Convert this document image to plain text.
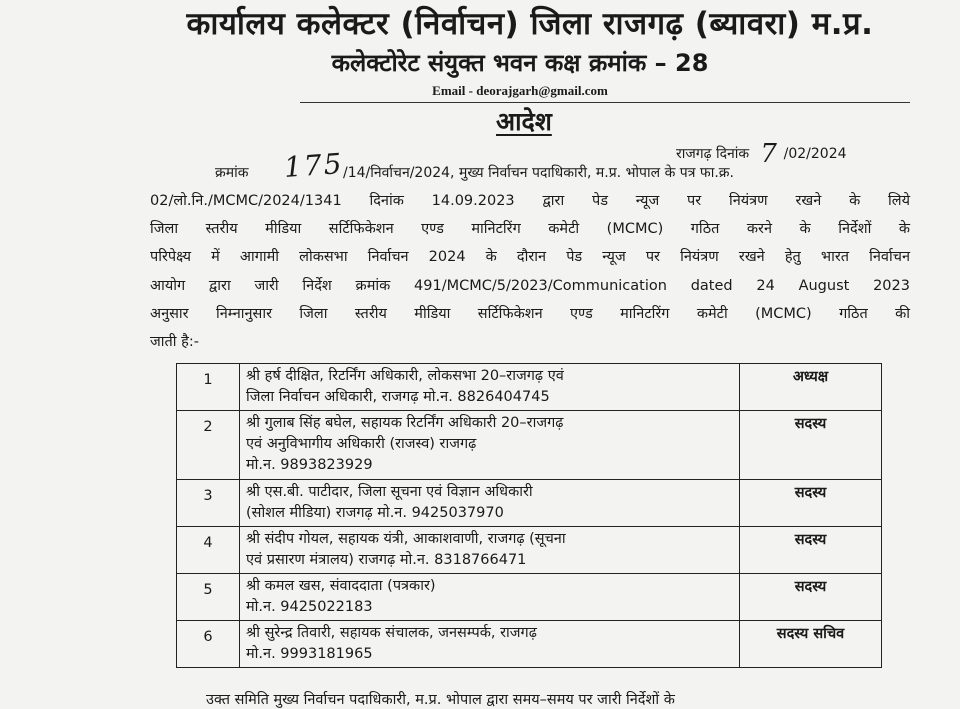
कार्यालय कलेक्टर (निर्वाचन) जिला राजगढ़ (ब्यावरा) म.प्र.
कलेक्टोरेट संयुक्त भवन कक्ष क्रमांक – 28
Email - deorajgarh@gmail.com
आदेश
राजगढ़ दिनांक 7 /02/2024
क्रमांक 175
/14/निर्वाचन/2024, मुख्य निर्वाचन पदाधिकारी, म.प्र. भोपाल के पत्र फा.क्र.
02/लो.नि./MCMC/2024/1341 दिनांक 14.09.2023 द्वारा पेड न्यूज पर नियंत्रण रखने के लिये
जिला स्तरीय मीडिया सर्टिफिकेशन एण्ड मानिटरिंग कमेटी (MCMC) गठित करने के निर्देशों के
परिपेक्ष्य में आगामी लोकसभा निर्वाचन 2024 के दौरान पेड न्यूज पर नियंत्रण रखने हेतु भारत निर्वाचन
आयोग द्वारा जारी निर्देश क्रमांक 491/MCMC/5/2023/Communication dated 24 August 2023
अनुसार निम्नानुसार जिला स्तरीय मीडिया सर्टिफिकेशन एण्ड मानिटरिंग कमेटी (MCMC) गठित की
जाती है:-
1	श्री हर्ष दीक्षित, रिटर्निंग अधिकारी, लोकसभा 20–राजगढ़ एवं
जिला निर्वाचन अधिकारी, राजगढ़ मो.न. 8826404745	अध्यक्ष
2	श्री गुलाब सिंह बघेल, सहायक रिटर्निंग अधिकारी 20–राजगढ़
एवं अनुविभागीय अधिकारी (राजस्व) राजगढ़
मो.न. 9893823929	सदस्य
3	श्री एस.बी. पाटीदार, जिला सूचना एवं विज्ञान अधिकारी
(सोशल मीडिया) राजगढ़ मो.न. 9425037970	सदस्य
4	श्री संदीप गोयल, सहायक यंत्री, आकाशवाणी, राजगढ़ (सूचना
एवं प्रसारण मंत्रालय) राजगढ़ मो.न. 8318766471	सदस्य
5	श्री कमल खस, संवाददाता (पत्रकार)
मो.न. 9425022183	सदस्य
6	श्री सुरेन्द्र तिवारी, सहायक संचालक, जनसम्पर्क, राजगढ़
मो.न. 9993181965	सदस्य सचिव
उक्त समिति मुख्य निर्वाचन पदाधिकारी, म.प्र. भोपाल द्वारा समय–समय पर जारी निर्देशों के
